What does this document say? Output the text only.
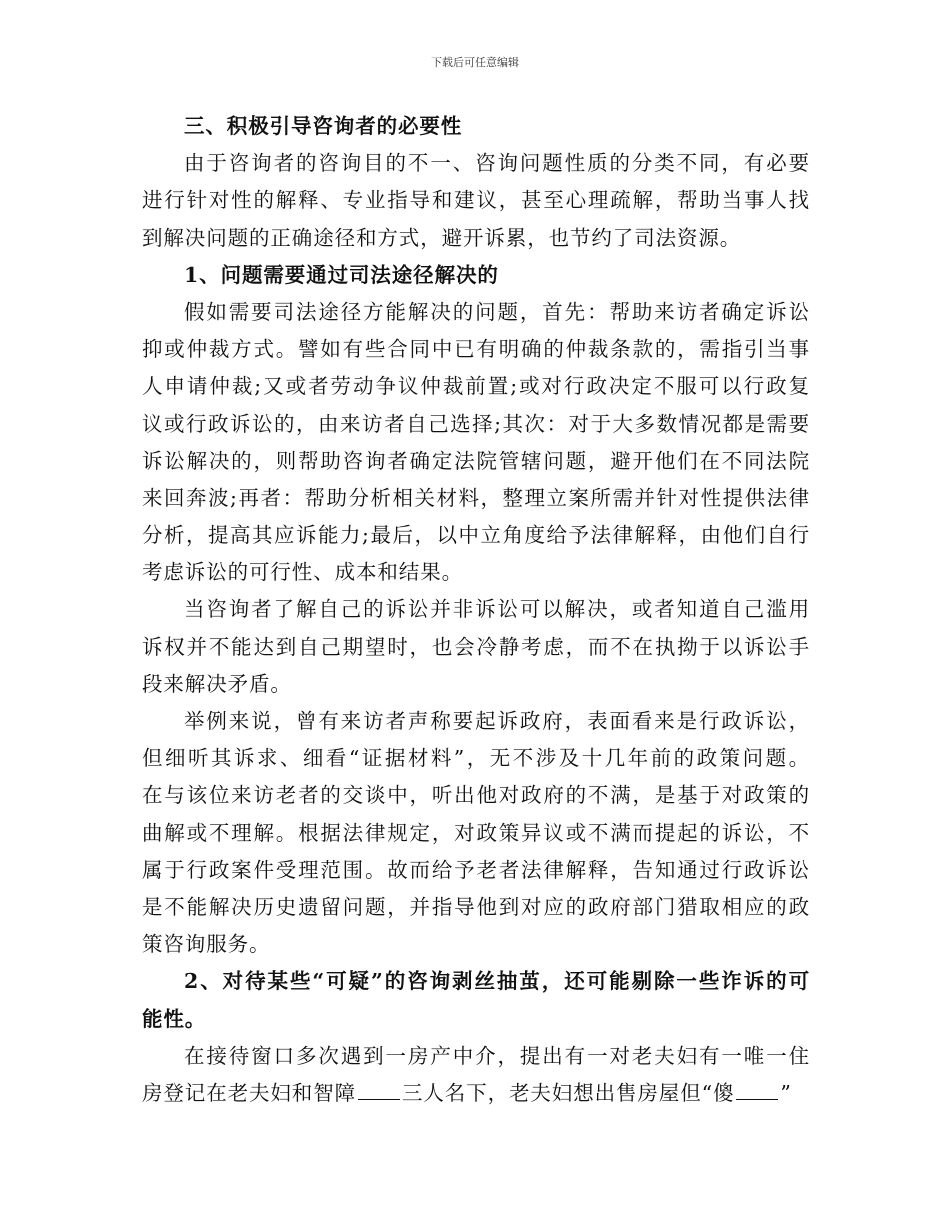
下载后可任意编辑
三、积极引导咨询者的必要性
由于咨询者的咨询目的不一、咨询问题性质的分类不同，有必要
进行针对性的解释、专业指导和建议，甚至心理疏解，帮助当事人找
到解决问题的正确途径和方式，避开诉累，也节约了司法资源。
1、问题需要通过司法途径解决的
假如需要司法途径方能解决的问题，首先：帮助来访者确定诉讼
抑或仲裁方式。譬如有些合同中已有明确的仲裁条款的，需指引当事
人申请仲裁;又或者劳动争议仲裁前置;或对行政决定不服可以行政复
议或行政诉讼的，由来访者自己选择;其次：对于大多数情况都是需要
诉讼解决的，则帮助咨询者确定法院管辖问题，避开他们在不同法院
来回奔波;再者：帮助分析相关材料，整理立案所需并针对性提供法律
分析，提高其应诉能力;最后，以中立角度给予法律解释，由他们自行
考虑诉讼的可行性、成本和结果。
当咨询者了解自己的诉讼并非诉讼可以解决，或者知道自己滥用
诉权并不能达到自己期望时，也会冷静考虑，而不在执拗于以诉讼手
段来解决矛盾。
举例来说，曾有来访者声称要起诉政府，表面看来是行政诉讼，
但细听其诉求、细看“证据材料”，无不涉及十几年前的政策问题。
在与该位来访老者的交谈中，听出他对政府的不满，是基于对政策的
曲解或不理解。根据法律规定，对政策异议或不满而提起的诉讼，不
属于行政案件受理范围。故而给予老者法律解释，告知通过行政诉讼
是不能解决历史遗留问题，并指导他到对应的政府部门猎取相应的政
策咨询服务。
2、对待某些“可疑”的咨询剥丝抽茧，还可能剔除一些诈诉的可
能性。
在接待窗口多次遇到一房产中介，提出有一对老夫妇有一唯一住
房登记在老夫妇和智障 三人名下，老夫妇想出售房屋但“傻 ”
